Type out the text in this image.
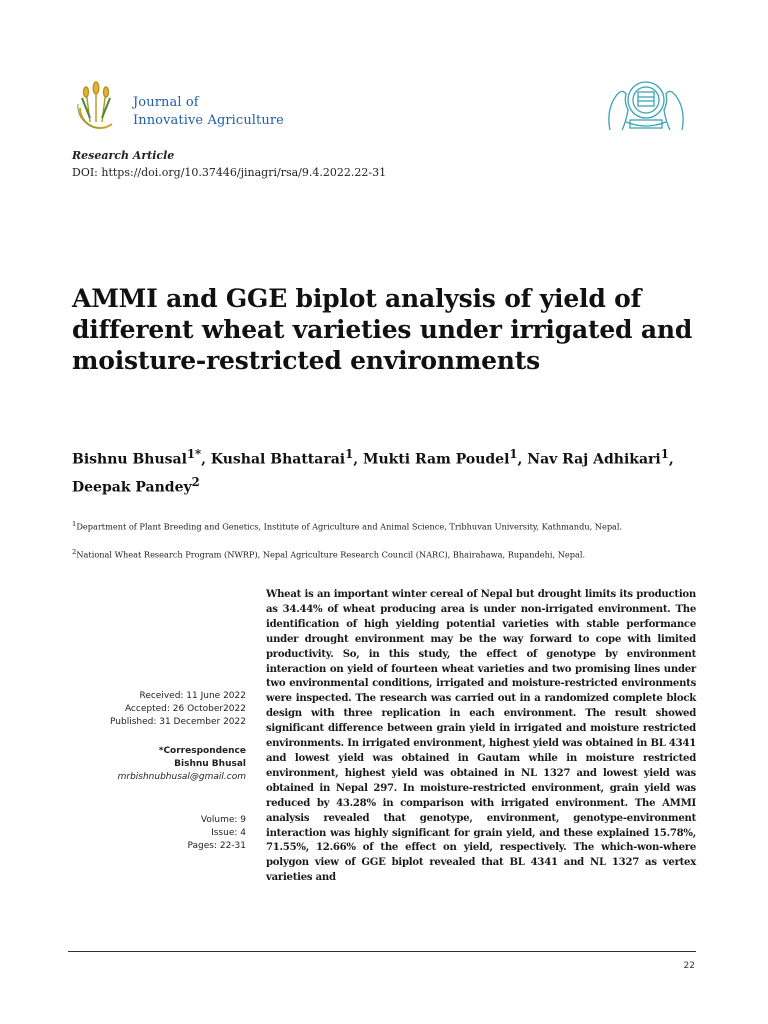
Journal of
Innovative Agriculture
Research Article
DOI: https://doi.org/10.37446/jinagri/rsa/9.4.2022.22-31
AMMI and GGE biplot analysis of yield of different wheat varieties under irrigated and moisture-restricted environments
Bishnu Bhusal$^{1*}$, Kushal Bhattarai$^1$, Mukti Ram Poudel$^1$, Nav Raj Adhikari$^1$, Deepak Pandey$^2$
$^1$Department of Plant Breeding and Genetics, Institute of Agriculture and Animal Science, Tribhuvan University, Kathmandu, Nepal.
$^2$National Wheat Research Program (NWRP), Nepal Agriculture Research Council (NARC), Bhairahawa, Rupandehi, Nepal.
Received: 11 June 2022
Accepted: 26 October2022
Published: 31 December 2022
*Correspondence
Bishnu Bhusal
mrbishnubhusal@gmail.com
Volume: 9
Issue: 4
Pages: 22-31

Wheat is an important winter cereal of Nepal but drought limits its production as 34.44% of wheat producing area is under non-irrigated environment. The identification of high yielding potential varieties with stable performance under drought environment may be the way forward to cope with limited productivity. So, in this study, the effect of genotype by environment interaction on yield of fourteen wheat varieties and two promising lines under two environmental conditions, irrigated and moisture-restricted environments were inspected. The research was carried out in a randomized complete block design with three replication in each environment. The result showed significant difference between grain yield in irrigated and moisture restricted environments. In irrigated environment, highest yield was obtained in BL 4341 and lowest yield was obtained in Gautam while in moisture restricted environment, highest yield was obtained in NL 1327 and lowest yield was obtained in Nepal 297. In moisture-restricted environment, grain yield was reduced by 43.28% in comparison with irrigated environment. The AMMI analysis revealed that genotype, environment, genotype-environment interaction was highly significant for grain yield, and these explained 15.78%, 71.55%, 12.66% of the effect on yield, respectively. The which-won-where polygon view of GGE biplot revealed that BL 4341 and NL 1327 as vertex varieties and

22
